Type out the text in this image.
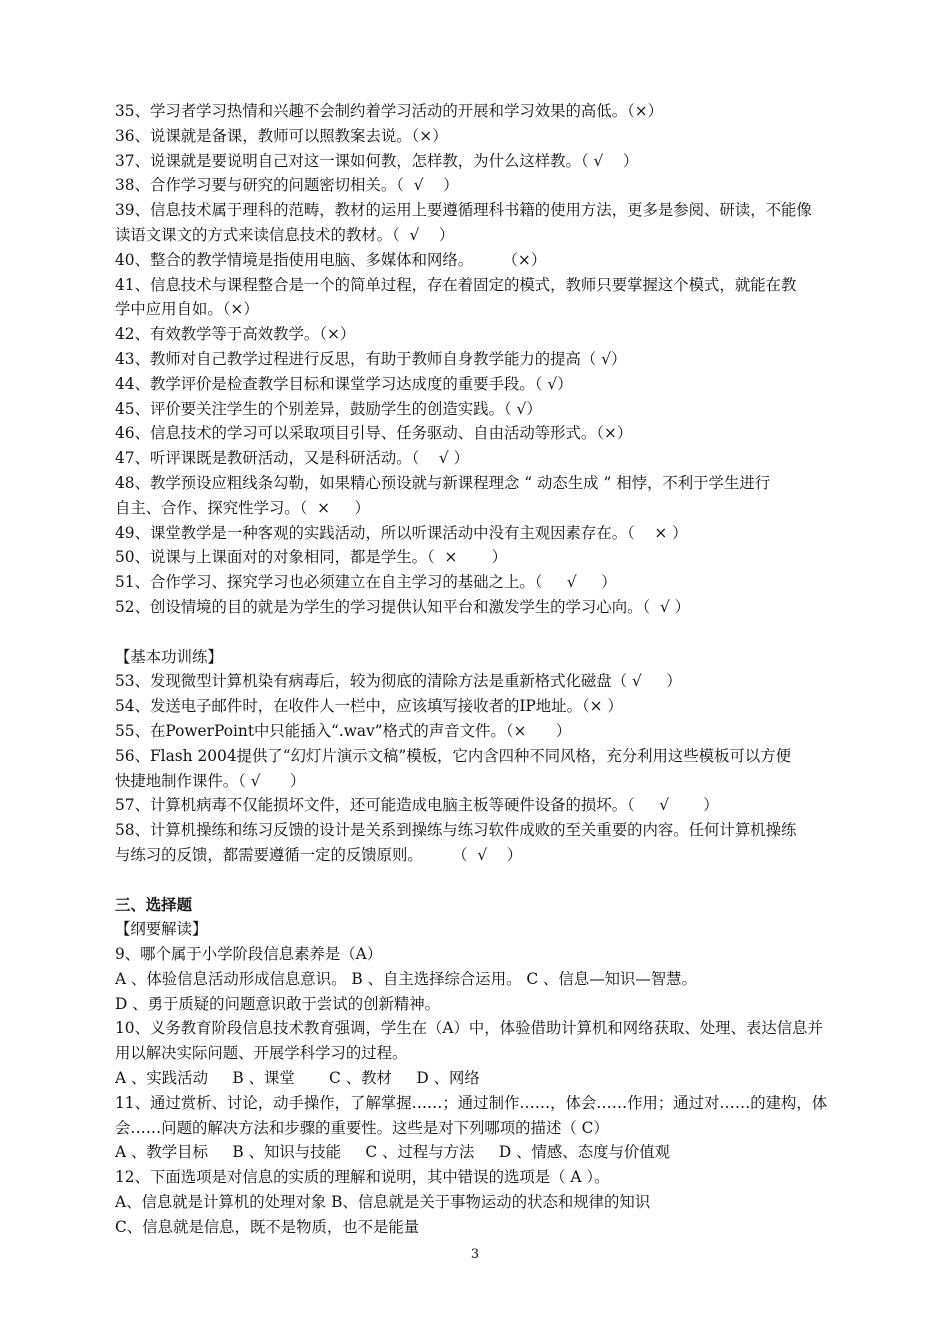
35、学习者学习热情和兴趣不会制约着学习活动的开展和学习效果的高低。（×）
36、说课就是备课，教师可以照教案去说。（×）
37、说课就是要说明自己对这一课如何教，怎样教，为什么这样教。（ √    ）
38、合作学习要与研究的问题密切相关。（  √    ）
39、信息技术属于理科的范畴，教材的运用上要遵循理科书籍的使用方法，更多是参阅、研读，不能像
读语文课文的方式来读信息技术的教材。（  √    ）
40、整合的教学情境是指使用电脑、多媒体和网络。      （×）
41、信息技术与课程整合是一个的简单过程，存在着固定的模式，教师只要掌握这个模式，就能在教
学中应用自如。（×）
42、有效教学等于高效教学。（×）
43、教师对自己教学过程进行反思，有助于教师自身教学能力的提高（ √）
44、教学评价是检查教学目标和课堂学习达成度的重要手段。（ √）
45、评价要关注学生的个别差异，鼓励学生的创造实践。（ √）
46、信息技术的学习可以采取项目引导、任务驱动、自由活动等形式。（×）
47、听评课既是教研活动，又是科研活动。（    √ ）
48、教学预设应粗线条勾勒，如果精心预设就与新课程理念 “ 动态生成 ” 相悖，不利于学生进行
自主、合作、探究性学习。（  ×     ）
49、课堂教学是一种客观的实践活动，所以听课活动中没有主观因素存在。（    × ）
50、说课与上课面对的对象相同，都是学生。（  ×       ）
51、合作学习、探究学习也必须建立在自主学习的基础之上。（     √     ）
52、创设情境的目的就是为学生的学习提供认知平台和激发学生的学习心向。（  √ ）
【基本功训练】
53、发现微型计算机染有病毒后，较为彻底的清除方法是重新格式化磁盘（ √     ）
54、发送电子邮件时，在收件人一栏中，应该填写接收者的IP地址。（× ）
55、在PowerPoint中只能插入“.wav”格式的声音文件。（×      ）
56、Flash 2004提供了“幻灯片演示文稿”模板，它内含四种不同风格，充分利用这些模板可以方便
快捷地制作课件。（ √      ）
57、计算机病毒不仅能损坏文件，还可能造成电脑主板等硬件设备的损坏。（     √       ）
58、计算机操练和练习反馈的设计是关系到操练与练习软件成败的至关重要的内容。任何计算机操练
与练习的反馈，都需要遵循一定的反馈原则。      （  √    ）
三、选择题
【纲要解读】
9、哪个属于小学阶段信息素养是（A）
A 、体验信息活动形成信息意识。 B 、自主选择综合运用。 C 、信息—知识—智慧。
D 、勇于质疑的问题意识敢于尝试的创新精神。
10、义务教育阶段信息技术教育强调，学生在（A）中，体验借助计算机和网络获取、处理、表达信息并
用以解决实际问题、开展学科学习的过程。
A 、实践活动     B 、课堂       C 、教材     D 、网络
11、通过赏析、讨论，动手操作，了解掌握……；通过制作……，体会……作用；通过对……的建构，体
会……问题的解决方法和步骤的重要性。这些是对下列哪项的描述（ C）
A 、教学目标     B 、知识与技能     C 、过程与方法     D 、情感、态度与价值观
12、下面选项是对信息的实质的理解和说明，其中错误的选项是（ A ）。
A、信息就是计算机的处理对象 B、信息就是关于事物运动的状态和规律的知识
C、信息就是信息，既不是物质，也不是能量
3
